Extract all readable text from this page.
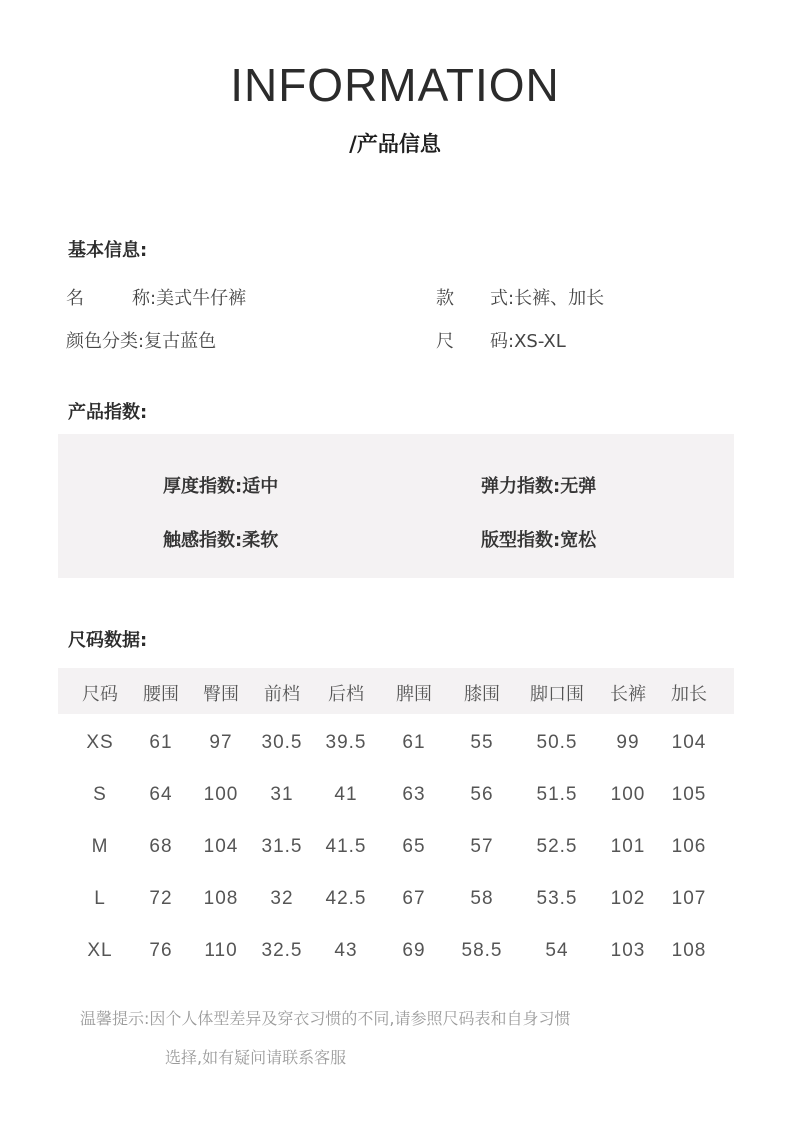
INFORMATION
/产品信息
基本信息:
名	称 :美式牛仔裤	款 式 :长裤、加长
颜色分类:复古蓝色	尺 码 :XS-XL
产品指数:
厚度指数:适中	弹力指数:无弹
触感指数:柔软	版型指数:宽松
尺码数据:
尺码 腰围 臀围 前档 后档 脾围 膝围 脚口围 长裤 加长
XS 61 97 30.5 39.5 61 55 50.5 99 104
S 64 100 31 41 63 56 51.5 100 105
M 68 104 31.5 41.5 65 57 52.5 101 106
L 72 108 32 42.5 67 58 53.5 102 107
XL 76 110 32.5 43 69 58.5 54 103 108
温馨提示:因个人体型差异及穿衣习惯的不同,请参照尺码表和自身习惯
选择,如有疑问请联系客服
